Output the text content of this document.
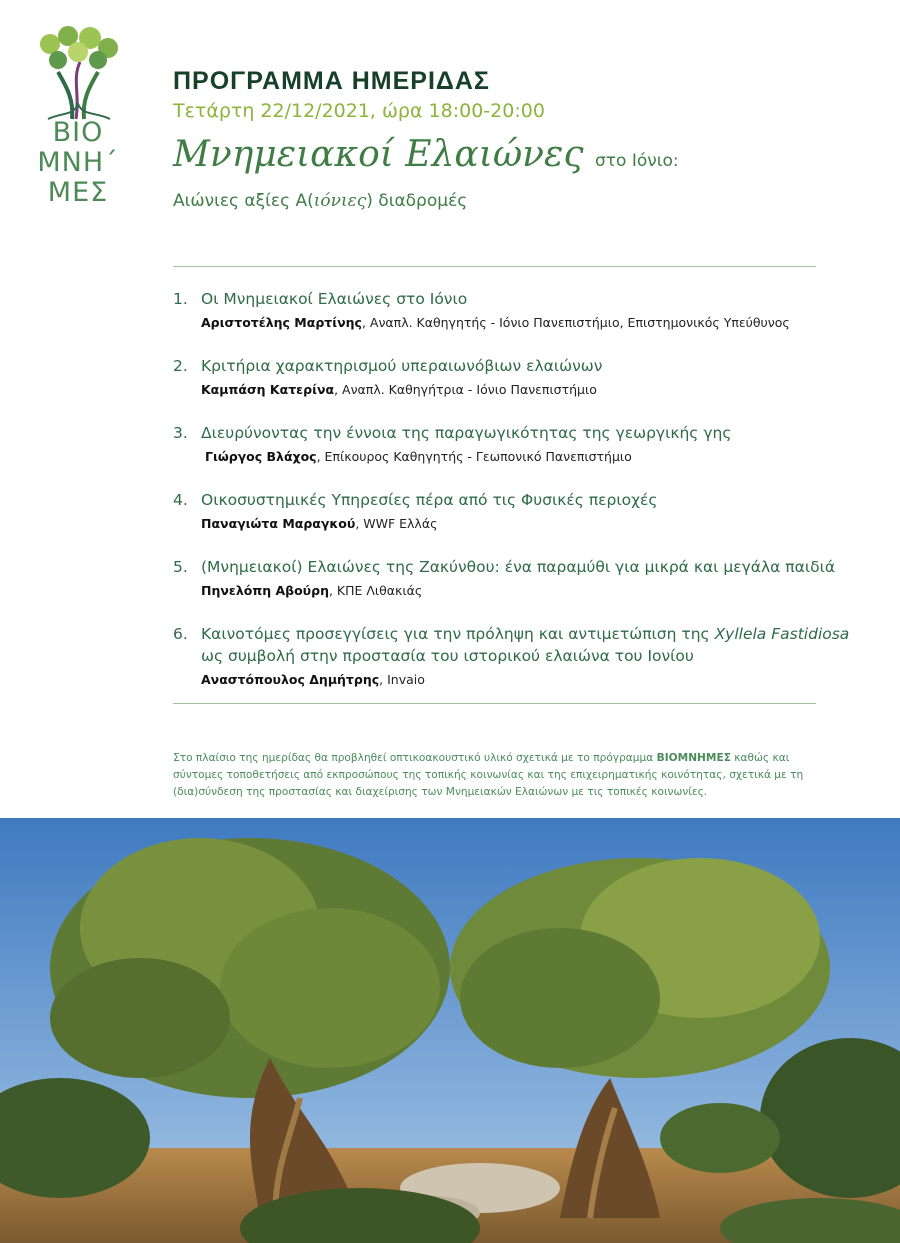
BIO
ΜΝΗ΄
ΜΕΣ
ΠΡΟΓΡΑΜΜΑ ΗΜΕΡΙΔΑΣ
Τετάρτη 22/12/2021, ώρα 18:00-20:00
Μνημειακοί Ελαιώνες στο Ιόνιο:
Αιώνιες αξίες Α(ιόνιες) διαδρομές
1. Οι Μνημειακοί Ελαιώνες στο Ιόνιο
Αριστοτέλης Μαρτίνης, Αναπλ. Καθηγητής - Ιόνιο Πανεπιστήμιο, Επιστημονικός Υπεύθυνος
2. Κριτήρια χαρακτηρισμού υπεραιωνόβιων ελαιώνων
Καμπάση Κατερίνα, Αναπλ. Καθηγήτρια - Ιόνιο Πανεπιστήμιο
3. Διευρύνοντας την έννοια της παραγωγικότητας της γεωργικής γης
Γιώργος Βλάχος, Επίκουρος Καθηγητής - Γεωπονικό Πανεπιστήμιο
4. Οικοσυστημικές Υπηρεσίες πέρα από τις Φυσικές περιοχές
Παναγιώτα Μαραγκού, WWF Ελλάς
5. (Μνημειακοί) Ελαιώνες της Ζακύνθου: ένα παραμύθι για μικρά και μεγάλα παιδιά
Πηνελόπη Αβούρη, ΚΠΕ Λιθακιάς
6. Καινοτόμες προσεγγίσεις για την πρόληψη και αντιμετώπιση της Xyllela Fastidiosa
ως συμβολή στην προστασία του ιστορικού ελαιώνα του Ιονίου
Αναστόπουλος Δημήτρης, Invaio
Στο πλαίσιο της ημερίδας θα προβληθεί οπτικοακουστικό υλικό σχετικά με το πρόγραμμα ΒΙΟΜΝΗΜΕΣ καθώς και σύντομες τοποθετήσεις από εκπροσώπους της τοπικής κοινωνίας και της επιχειρηματικής κοινότητας, σχετικά με τη (δια)σύνδεση της προστασίας και διαχείρισης των Μνημειακών Ελαιώνων με τις τοπικές κοινωνίες.
